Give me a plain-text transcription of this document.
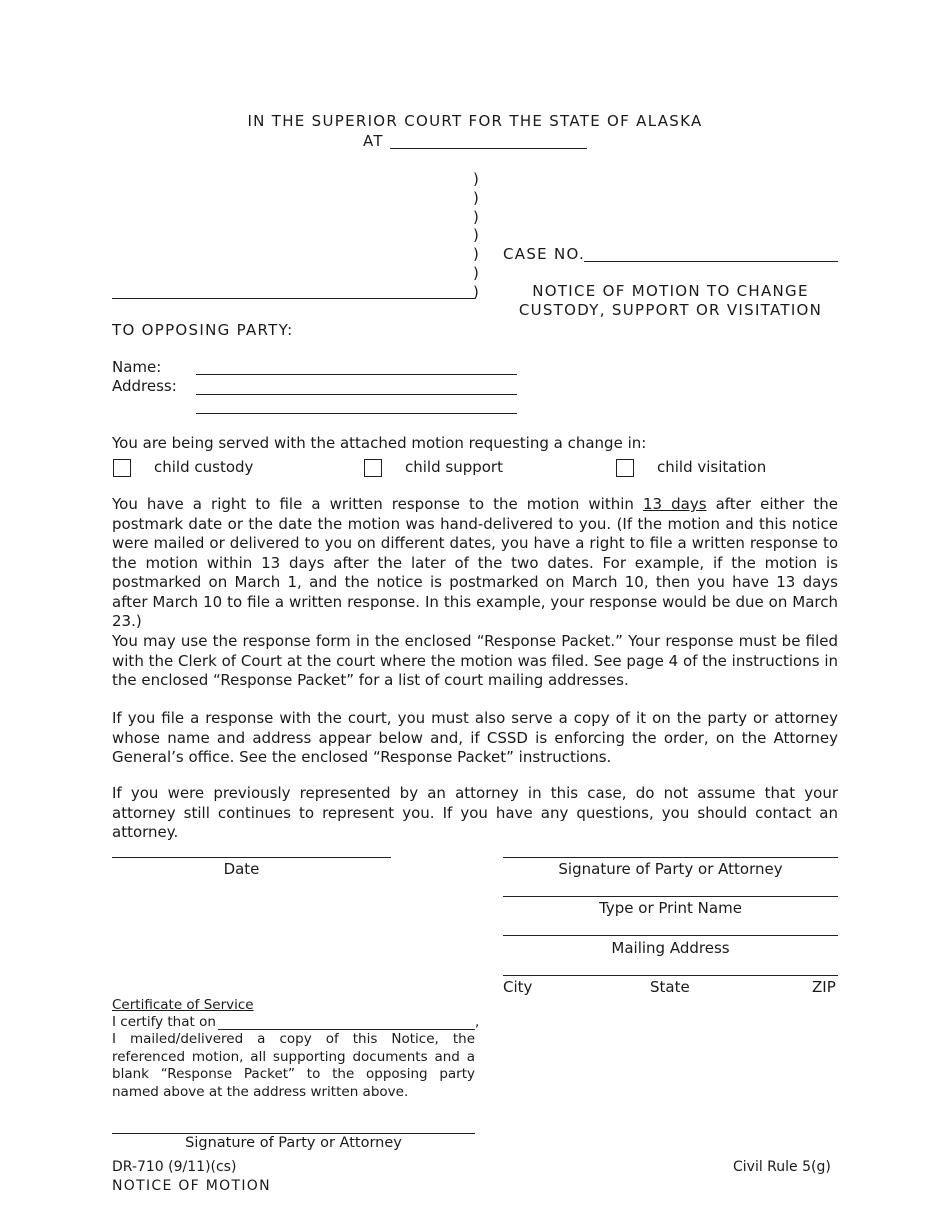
IN THE SUPERIOR COURT FOR THE STATE OF ALASKA
AT
)
)
)
)
)
)
)
CASE NO.
NOTICE OF MOTION TO CHANGE
CUSTODY, SUPPORT OR VISITATION
TO OPPOSING PARTY:
Name:
Address:
You are being served with the attached motion requesting a change in:
child custody	child support	child visitation
You have a right to file a written response to the motion within 13 days after either the postmark date or the date the motion was hand-delivered to you. (If the motion and this notice were mailed or delivered to you on different dates, you have a right to file a written response to the motion within 13 days after the later of the two dates. For example, if the motion is postmarked on March 1, and the notice is postmarked on March 10, then you have 13 days after March 10 to file a written response. In this example, your response would be due on March 23.)
You may use the response form in the enclosed “Response Packet.” Your response must be filed with the Clerk of Court at the court where the motion was filed. See page 4 of the instructions in the enclosed “Response Packet” for a list of court mailing addresses.
If you file a response with the court, you must also serve a copy of it on the party or attorney whose name and address appear below and, if CSSD is enforcing the order, on the Attorney General’s office. See the enclosed “Response Packet” instructions.
If you were previously represented by an attorney in this case, do not assume that your attorney still continues to represent you. If you have any questions, you should contact an attorney.
Date	Signature of Party or Attorney
Type or Print Name
Mailing Address
City	State	ZIP
Certificate of Service
I certify that on	,
I mailed/delivered a copy of this Notice, the referenced motion, all supporting documents and a blank “Response Packet” to the opposing party named above at the address written above.
Signature of Party or Attorney
DR-710 (9/11)(cs)
NOTICE OF MOTION
Civil Rule 5(g)
